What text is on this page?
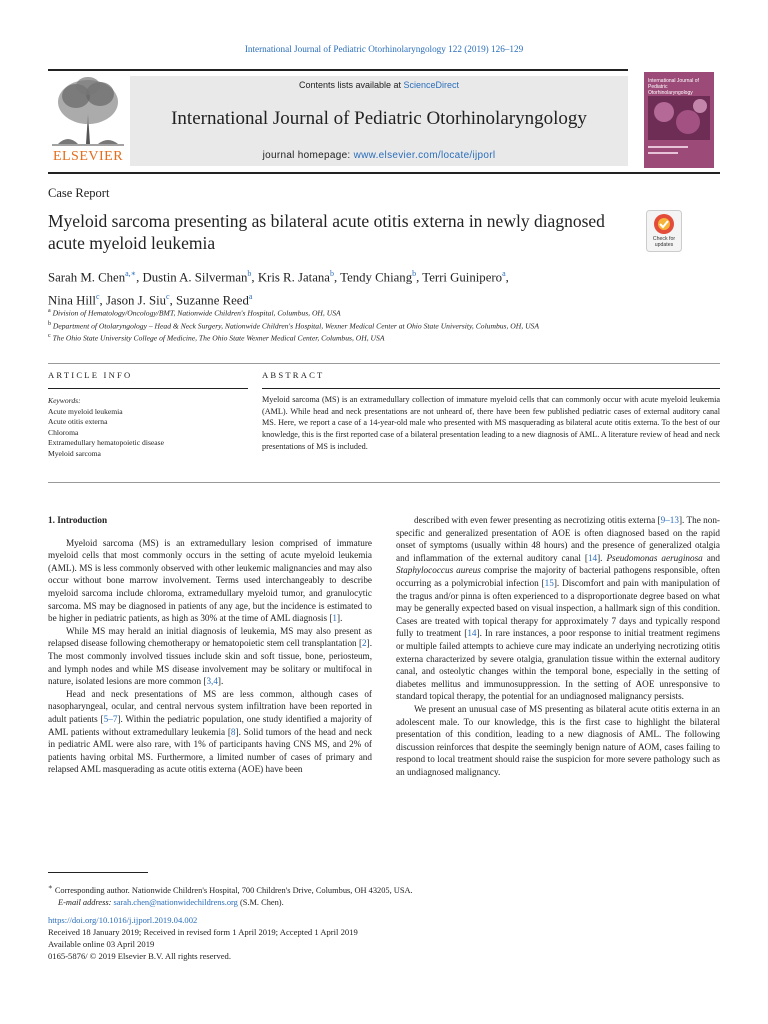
International Journal of Pediatric Otorhinolaryngology 122 (2019) 126–129
ELSEVIER
Contents lists available at ScienceDirect
International Journal of Pediatric Otorhinolaryngology
journal homepage: www.elsevier.com/locate/ijporl
International Journal of Pediatric Otorhinolaryngology
Case Report
Myeloid sarcoma presenting as bilateral acute otitis externa in newly diagnosed acute myeloid leukemia	Check for updates
Sarah M. Chen$^{a,∗}$, Dustin A. Silverman$^b$, Kris R. Jatana$^b$, Tendy Chiang$^b$, Terri Guinipero$^a$,
Nina Hill$^c$, Jason J. Siu$^c$, Suzanne Reed$^a$
$^a$ Division of Hematology/Oncology/BMT, Nationwide Children's Hospital, Columbus, OH, USA
$^b$ Department of Otolaryngology – Head & Neck Surgery, Nationwide Children's Hospital, Wexner Medical Center at Ohio State University, Columbus, OH, USA
$^c$ The Ohio State University College of Medicine, The Ohio State Wexner Medical Center, Columbus, OH, USA
ARTICLE INFO	ABSTRACT
Keywords:
Acute myeloid leukemia
Acute otitis externa
Chloroma
Extramedullary hematopoietic disease
Myeloid sarcoma
Myeloid sarcoma (MS) is an extramedullary collection of immature myeloid cells that can commonly occur with acute myeloid leukemia (AML). While head and neck presentations are not unheard of, there have been few published pediatric cases of external auditory canal MS. Here, we report a case of a 14-year-old male who presented with MS masquerading as bilateral acute otitis externa. To the best of our knowledge, this is the first reported case of a bilateral presentation leading to a new diagnosis of AML. A literature review of head and neck presentations of MS is included.
1. Introduction

Myeloid sarcoma (MS) is an extramedullary lesion comprised of immature myeloid cells that most commonly occurs in the setting of acute myeloid leukemia (AML). MS is less commonly observed with other leukemic malignancies and may also occur without bone marrow involvement. Terms used interchangeably to describe myeloid sarcoma include chloroma, extramedullary myeloid tumor, and granulocytic sarcoma. MS may be diagnosed in patients of any age, but the incidence is estimated to be higher in pediatric patients, as high as 30% at the time of AML diagnosis [1].

While MS may herald an initial diagnosis of leukemia, MS may also present as relapsed disease following chemotherapy or hematopoietic stem cell transplantation [2]. The most commonly involved tissues include skin and soft tissue, bone, periosteum, and lymph nodes and while MS disease involvement may be solitary or multifocal in nature, isolated lesions are more common [3,4].

Head and neck presentations of MS are less common, although cases of nasopharyngeal, ocular, and central nervous system infiltration have been reported in adult patients [5–7]. Within the pediatric population, one study identified a majority of AML patients without extramedullary leukemia [8]. Solid tumors of the head and neck in pediatric AML were also rare, with 1% of participants having CNS MS, and 2% of patients having orbital MS. Furthermore, a limited number of cases of primary and relapsed AML masquerading as acute otitis externa (AOE) have been

described with even fewer presenting as necrotizing otitis externa [9–13]. The non-specific and generalized presentation of AOE is often diagnosed based on the rapid onset of symptoms (usually within 48 hours) and the presence of generalized otalgia and inflammation of the external auditory canal [14]. Pseudomonas aeruginosa and Staphylococcus aureus comprise the majority of bacterial pathogens responsible, often occurring as a polymicrobial infection [15]. Discomfort and pain with manipulation of the tragus and/or pinna is often experienced to a disproportionate degree based on what may be generally expected based on visual inspection, a hallmark sign of this condition. Cases are treated with topical therapy for approximately 7 days and typically respond fully to treatment [14]. In rare instances, a poor response to initial treatment regimens or multiple failed attempts to achieve cure may indicate an underlying necrotizing otitis externa characterized by severe otalgia, granulation tissue within the external auditory canal, and osteolytic changes within the temporal bone, especially in the setting of diabetes mellitus and immunosuppression. In the setting of AOE unresponsive to standard topical therapy, the potential for an undiagnosed malignancy persists.

We present an unusual case of MS presenting as bilateral acute otitis externa in an adolescent male. To our knowledge, this is the first case to highlight the bilateral presentation of this condition, leading to a new diagnosis of AML. The following discussion reinforces that despite the seemingly benign nature of AOM, cases failing to respond to local treatment should raise the suspicion for more severe pathology such as an undiagnosed malignancy.

∗ Corresponding author. Nationwide Children's Hospital, 700 Children's Drive, Columbus, OH 43205, USA.
E-mail address: sarah.chen@nationwidechildrens.org (S.M. Chen).
https://doi.org/10.1016/j.ijporl.2019.04.002
Received 18 January 2019; Received in revised form 1 April 2019; Accepted 1 April 2019
Available online 03 April 2019
0165-5876/ © 2019 Elsevier B.V. All rights reserved.
